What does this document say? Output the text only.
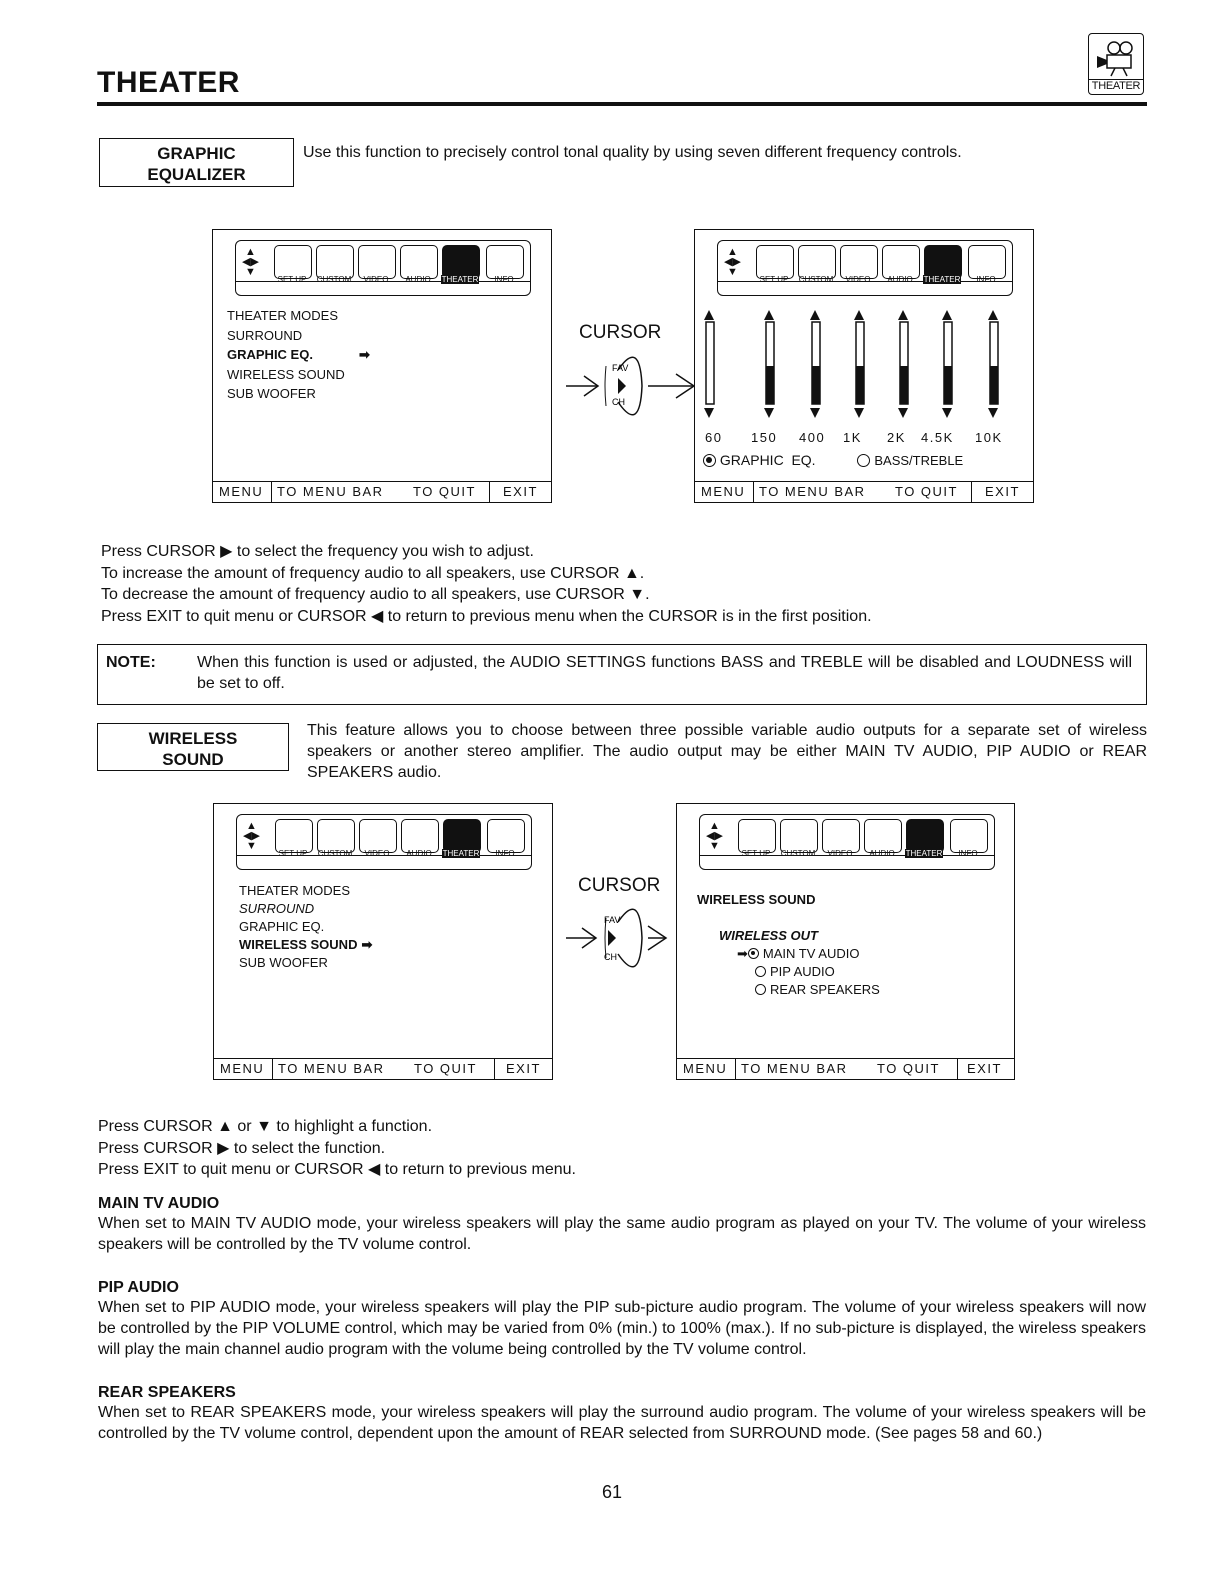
THEATER	THEATER
GRAPHIC
EQUALIZER
Use this function to precisely control tonal quality by using seven different frequency controls.
▲
◀▶
▼
SET UP	CUSTOM	VIDEO	AUDIO	THEATER	INFO
THEATER MODES
SURROUND
GRAPHIC EQ.	➡
WIRELESS SOUND
SUB WOOFER
MENU TO MENU BAR TO QUIT EXIT
CURSOR
FAV
CH
▲
◀▶
▼
SET UP	CUSTOM	VIDEO	AUDIO	THEATER	INFO
60 150 400 1K 2K 4.5K 10K
GRAPHIC  EQ.	BASS/TREBLE
MENU TO MENU BAR TO QUIT EXIT
Press CURSOR ▶ to select the frequency you wish to adjust.
To increase the amount of frequency audio to all speakers, use CURSOR ▲.
To decrease the amount of frequency audio to all speakers, use CURSOR ▼.
Press EXIT to quit menu or CURSOR ◀ to return to previous menu when the CURSOR is in the first position.
NOTE:	When this function is used or adjusted, the AUDIO SETTINGS functions BASS and TREBLE will be disabled and LOUDNESS will be set to off.
WIRELESS
SOUND
This feature allows you to choose between three possible variable audio outputs for a separate set of wireless speakers or another stereo amplifier. The audio output may be either MAIN TV AUDIO, PIP AUDIO or REAR SPEAKERS audio.
▲
◀▶
▼
SET UP	CUSTOM	VIDEO	AUDIO	THEATER	INFO
THEATER MODES
SURROUND
GRAPHIC EQ.
WIRELESS SOUND ➡
SUB WOOFER
MENU TO MENU BAR TO QUIT EXIT
CURSOR
FAV
CH
▲
◀▶
▼
SET UP	CUSTOM	VIDEO	AUDIO	THEATER	INFO
WIRELESS SOUND
WIRELESS OUT
➡ MAIN TV AUDIO
PIP AUDIO
REAR SPEAKERS
MENU TO MENU BAR TO QUIT EXIT
Press CURSOR ▲ or ▼ to highlight a function.
Press CURSOR ▶ to select the function.
Press EXIT to quit menu or CURSOR ◀ to return to previous menu.
MAIN TV AUDIO
When set to MAIN TV AUDIO mode, your wireless speakers will play the same audio program as played on your TV. The volume of your wireless speakers will be controlled by the TV volume control.
PIP AUDIO
When set to PIP AUDIO mode, your wireless speakers will play the PIP sub-picture audio program. The volume of your wireless speakers will now be controlled by the PIP VOLUME control, which may be varied from 0% (min.) to 100% (max.). If no sub-picture is displayed, the wireless speakers will play the main channel audio program with the volume being controlled by the TV volume control.
REAR SPEAKERS
When set to REAR SPEAKERS mode, your wireless speakers will play the surround audio program. The volume of your wireless speakers will be controlled by the TV volume control, dependent upon the amount of REAR selected from SURROUND mode. (See pages 58 and 60.)
61
